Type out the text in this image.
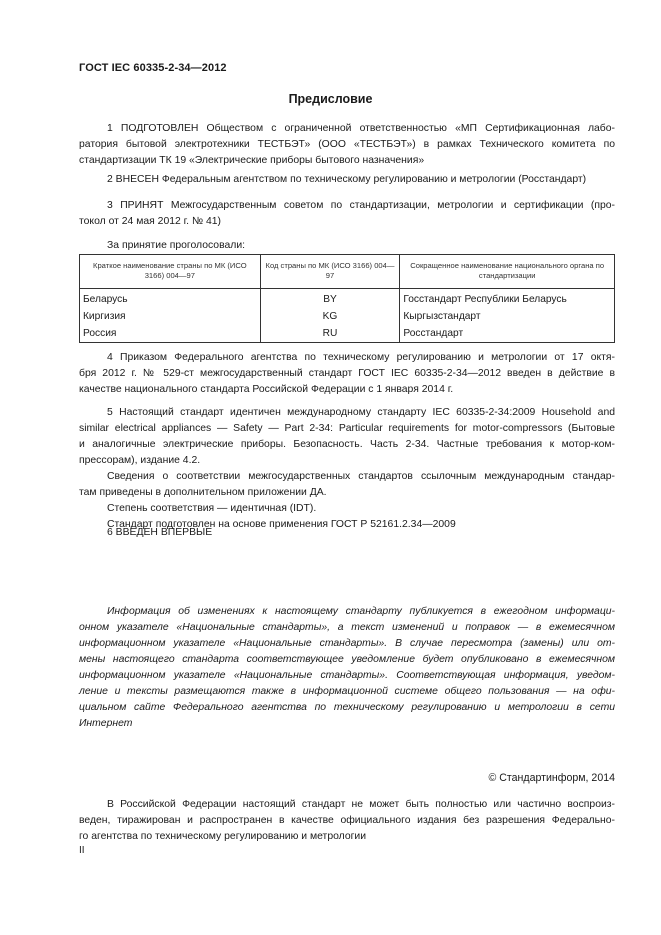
ГОСТ IEC 60335-2-34—2012
Предисловие
1 ПОДГОТОВЛЕН Обществом с ограниченной ответственностью «МП Сертификационная лабо-
ратория бытовой электротехники ТЕСТБЭТ» (ООО «ТЕСТБЭТ») в рамках Технического комитета по
стандартизации ТК 19 «Электрические приборы бытового назначения»
2 ВНЕСЕН Федеральным агентством по техническому регулированию и метрологии (Росстандарт)
3 ПРИНЯТ Межгосударственным советом по стандартизации, метрологии и сертификации (про-
токол от 24 мая 2012 г. № 41)
За принятие проголосовали:
Краткое наименование страны по МК (ИСО 3166) 004—97	Код страны по МК (ИСО 3166) 004—97	Сокращенное наименование национального органа по стандартизации
Беларусь	BY	Госстандарт Республики Беларусь
Киргизия	KG	Кыргызстандарт
Россия	RU	Росстандарт
4 Приказом Федерального агентства по техническому регулированию и метрологии от 17 октя-
бря 2012 г. № 529-ст межгосударственный стандарт ГОСТ IEC 60335-2-34—2012 введен в действие в
качестве национального стандарта Российской Федерации с 1 января 2014 г.
5 Настоящий стандарт идентичен международному стандарту IEC 60335-2-34:2009 Household and
similar electrical appliances — Safety — Part 2-34: Particular requirements for motor-compressors (Бытовые
и аналогичные электрические приборы. Безопасность. Часть 2-34. Частные требования к мотор-ком-
прессорам), издание 4.2.
Сведения о соответствии межгосударственных стандартов ссылочным международным стандар-
там приведены в дополнительном приложении ДА.
Степень соответствия — идентичная (IDT).
Стандарт подготовлен на основе применения ГОСТ Р 52161.2.34—2009
6 ВВЕДЕН ВПЕРВЫЕ
Информация об изменениях к настоящему стандарту публикуется в ежегодном информаци-
онном указателе «Национальные стандарты», а текст изменений и поправок — в ежемесячном
информационном указателе «Национальные стандарты». В случае пересмотра (замены) или от-
мены настоящего стандарта соответствующее уведомление будет опубликовано в ежемесячном
информационном указателе «Национальные стандарты». Соответствующая информация, уведом-
ление и тексты размещаются также в информационной системе общего пользования — на офи-
циальном сайте Федерального агентства по техническому регулированию и метрологии в сети
Интернет
© Стандартинформ, 2014
В Российской Федерации настоящий стандарт не может быть полностью или частично воспроиз-
веден, тиражирован и распространен в качестве официального издания без разрешения Федерально-
го агентства по техническому регулированию и метрологии
II
